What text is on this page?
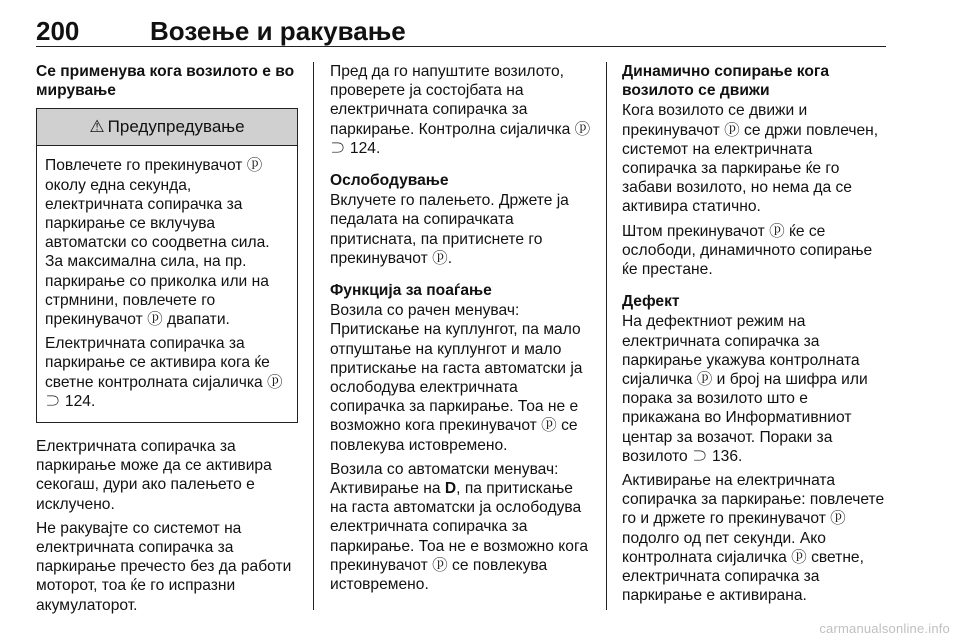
200	Возење и ракување

Се применува кога возилото е во мирување

⚠ Предупредување

Повлечете го прекинувачот ⓟ околу една секунда, електричната сопирачка за паркирање се вклучува автоматски со соодветна сила. За максимална сила, на пр. паркирање со приколка или на стрмнини, повлечете го прекинувачот ⓟ двапати.

Електричната сопирачка за паркирање се активира кога ќе светне контролната сијаличка ⓟ ⊃ 124.

Електричната сопирачка за паркирање може да се активира секогаш, дури ако палењето е исклучено.

Не ракувајте со системот на електричната сопирачка за паркирање пречесто без да работи моторот, тоа ќе го испразни акумулаторот.

Пред да го напуштите возилото, проверете ја состојбата на електричната сопирачка за паркирање. Контролна сијаличка ⓟ ⊃ 124.

Ослободување

Вклучете го палењето. Држете ја педалата на сопирачката притисната, па притиснете го прекинувачот ⓟ.

Функција за поаѓање

Возила со рачен менувач: Притискање на куплунгот, па мало отпуштање на куплунгот и мало притискање на гаста автоматски ја ослободува електричната сопирачка за паркирање. Тоа не е возможно кога прекинувачот ⓟ се повлекува истовремено.

Возила со автоматски менувач: Активирање на D, па притискање на гаста автоматски ја ослободува електричната сопирачка за паркирање. Тоа не е возможно кога прекинувачот ⓟ се повлекува истовремено.

Динамично сопирање кога возилото се движи

Кога возилото се движи и прекинувачот ⓟ се држи повлечен, системот на електричната сопирачка за паркирање ќе го забави возилото, но нема да се активира статично.

Штом прекинувачот ⓟ ќе се ослободи, динамичното сопирање ќе престане.

Дефект

На дефектниот режим на електричната сопирачка за паркирање укажува контролната сијаличка ⓟ и број на шифра или порака за возилото што е прикажана во Информативниот центар за возачот. Пораки за возилото ⊃ 136.

Активирање на електричната сопирачка за паркирање: повлечете го и држете го прекинувачот ⓟ подолго од пет секунди. Ако контролната сијаличка ⓟ светне, електричната сопирачка за паркирање е активирана.

carmanualsonline.info
